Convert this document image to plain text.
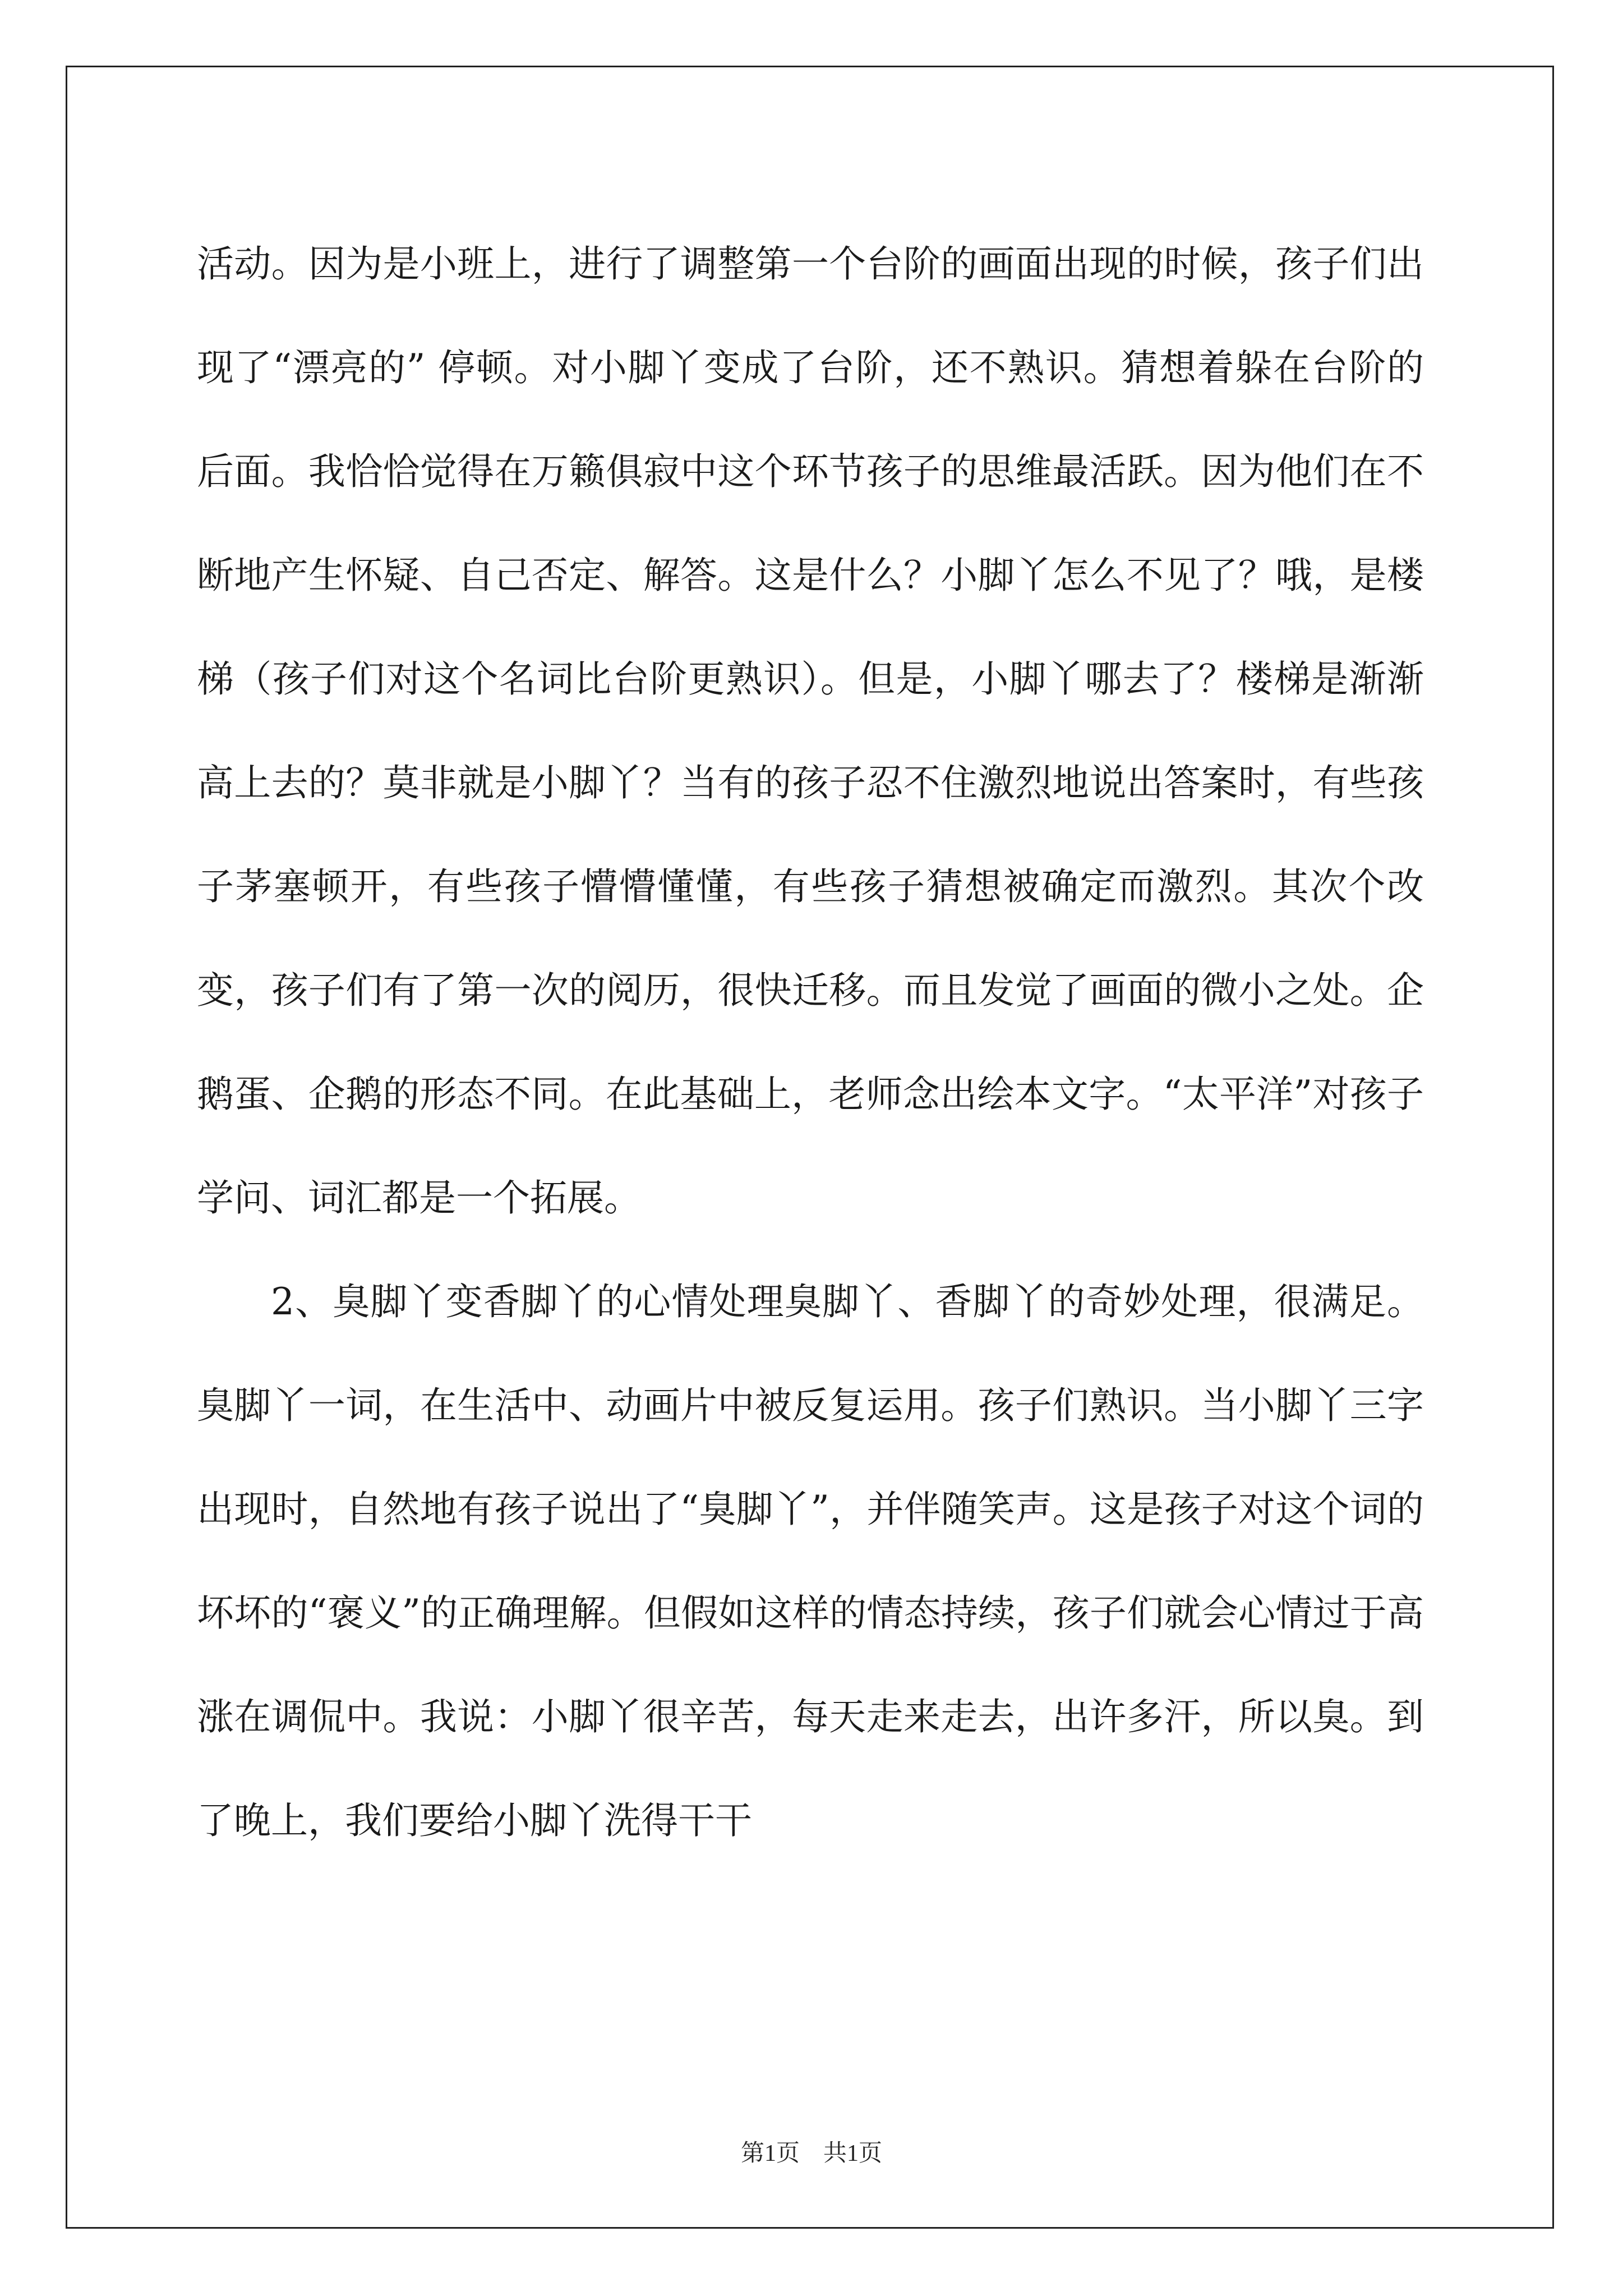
活动。因为是小班上，进行了调整第一个台阶的画面出现的时候，孩子们出现了“漂亮的” 停顿。对小脚丫变成了台阶，还不熟识。猜想着躲在台阶的后面。我恰恰觉得在万籁俱寂中这个环节孩子的思维最活跃。因为他们在不断地产生怀疑、自己否定、解答。这是什么？小脚丫怎么不见了？哦，是楼梯（孩子们对这个名词比台阶更熟识）。但是，小脚丫哪去了？楼梯是渐渐高上去的？莫非就是小脚丫？当有的孩子忍不住激烈地说出答案时，有些孩子茅塞顿开，有些孩子懵懵懂懂，有些孩子猜想被确定而激烈。其次个改变，孩子们有了第一次的阅历，很快迁移。而且发觉了画面的微小之处。企鹅蛋、企鹅的形态不同。在此基础上，老师念出绘本文字。“太平洋”对孩子学问、词汇都是一个拓展。

2、臭脚丫变香脚丫的心情处理臭脚丫、香脚丫的奇妙处理，很满足。臭脚丫一词，在生活中、动画片中被反复运用。孩子们熟识。当小脚丫三字出现时，自然地有孩子说出了“臭脚丫”，并伴随笑声。这是孩子对这个词的坏坏的“褒义”的正确理解。但假如这样的情态持续，孩子们就会心情过于高涨在调侃中。我说：小脚丫很辛苦，每天走来走去，出许多汗，所以臭。到了晚上，我们要给小脚丫洗得干干

第1页　共1页
